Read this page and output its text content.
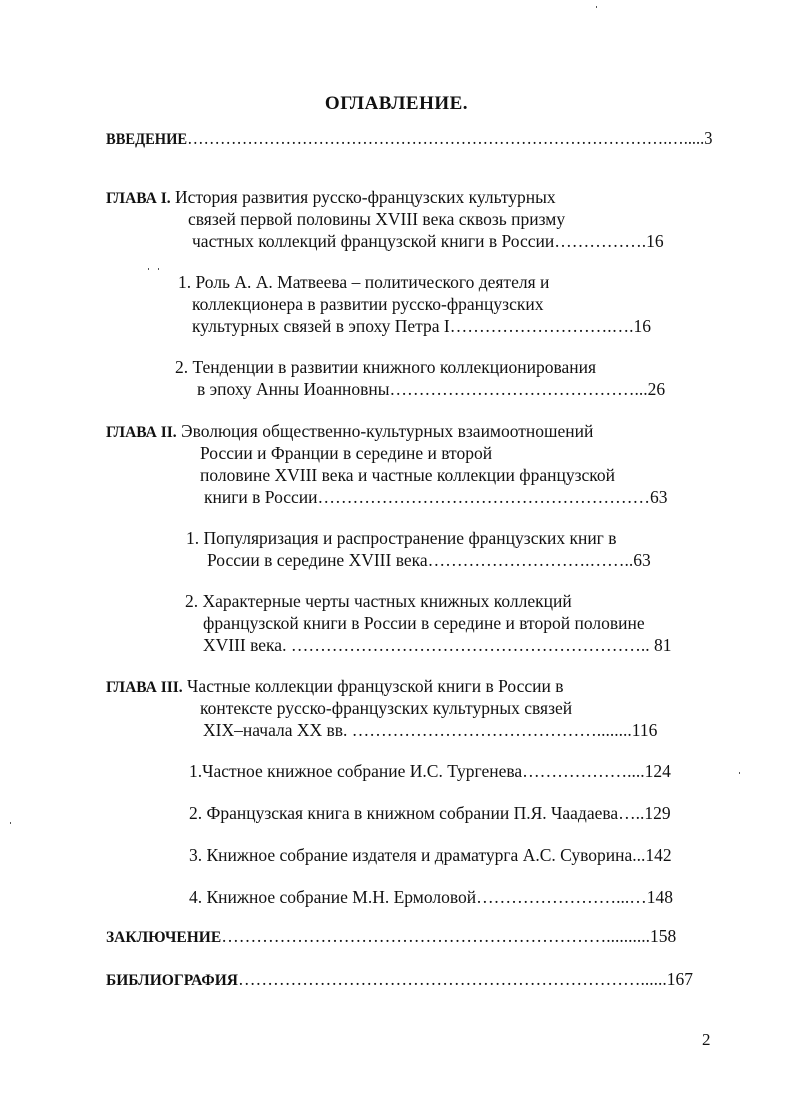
ОГЛАВЛЕНИЕ.
ВВЕДЕНИЕ…………………………………………………………………………….….....3
ГЛАВА I. История развития русско-французских культурных
связей первой половины XVIII века сквозь призму
частных коллекций французской книги в России…………….16
1. Роль А. А. Матвеева – политического деятеля и
коллекционера в развитии русско-французских
культурных связей в эпоху Петра I……………………….….16
2. Тенденции в развитии книжного коллекционирования
в эпоху Анны Иоанновны……………………………………...26
ГЛАВА II. Эволюция общественно-культурных взаимоотношений
России и Франции в середине и второй
половине XVIII века и частные коллекции французской
книги в России…………………………………………………63
1. Популяризация и распространение французских книг в
России в середине XVIII века……………………….……..63
2. Характерные черты частных книжных коллекций
французской книги в России в середине и второй половине
XVIII века. …………………………………………………….. 81
ГЛАВА III. Частные коллекции французской книги в России в
контексте русско-французских культурных связей
XIX–начала XX вв. ……………………………………........116
1.Частное книжное собрание И.С. Тургенева………………....124
2. Французская книга в книжном собрании П.Я. Чаадаева…..129
3. Книжное собрание издателя и драматурга А.С. Суворина...142
4. Книжное собрание М.Н. Ермоловой……………………...…148
ЗАКЛЮЧЕНИЕ…………………………………………………………..........158
БИБЛИОГРАФИЯ……………………………………………………………......167
2
